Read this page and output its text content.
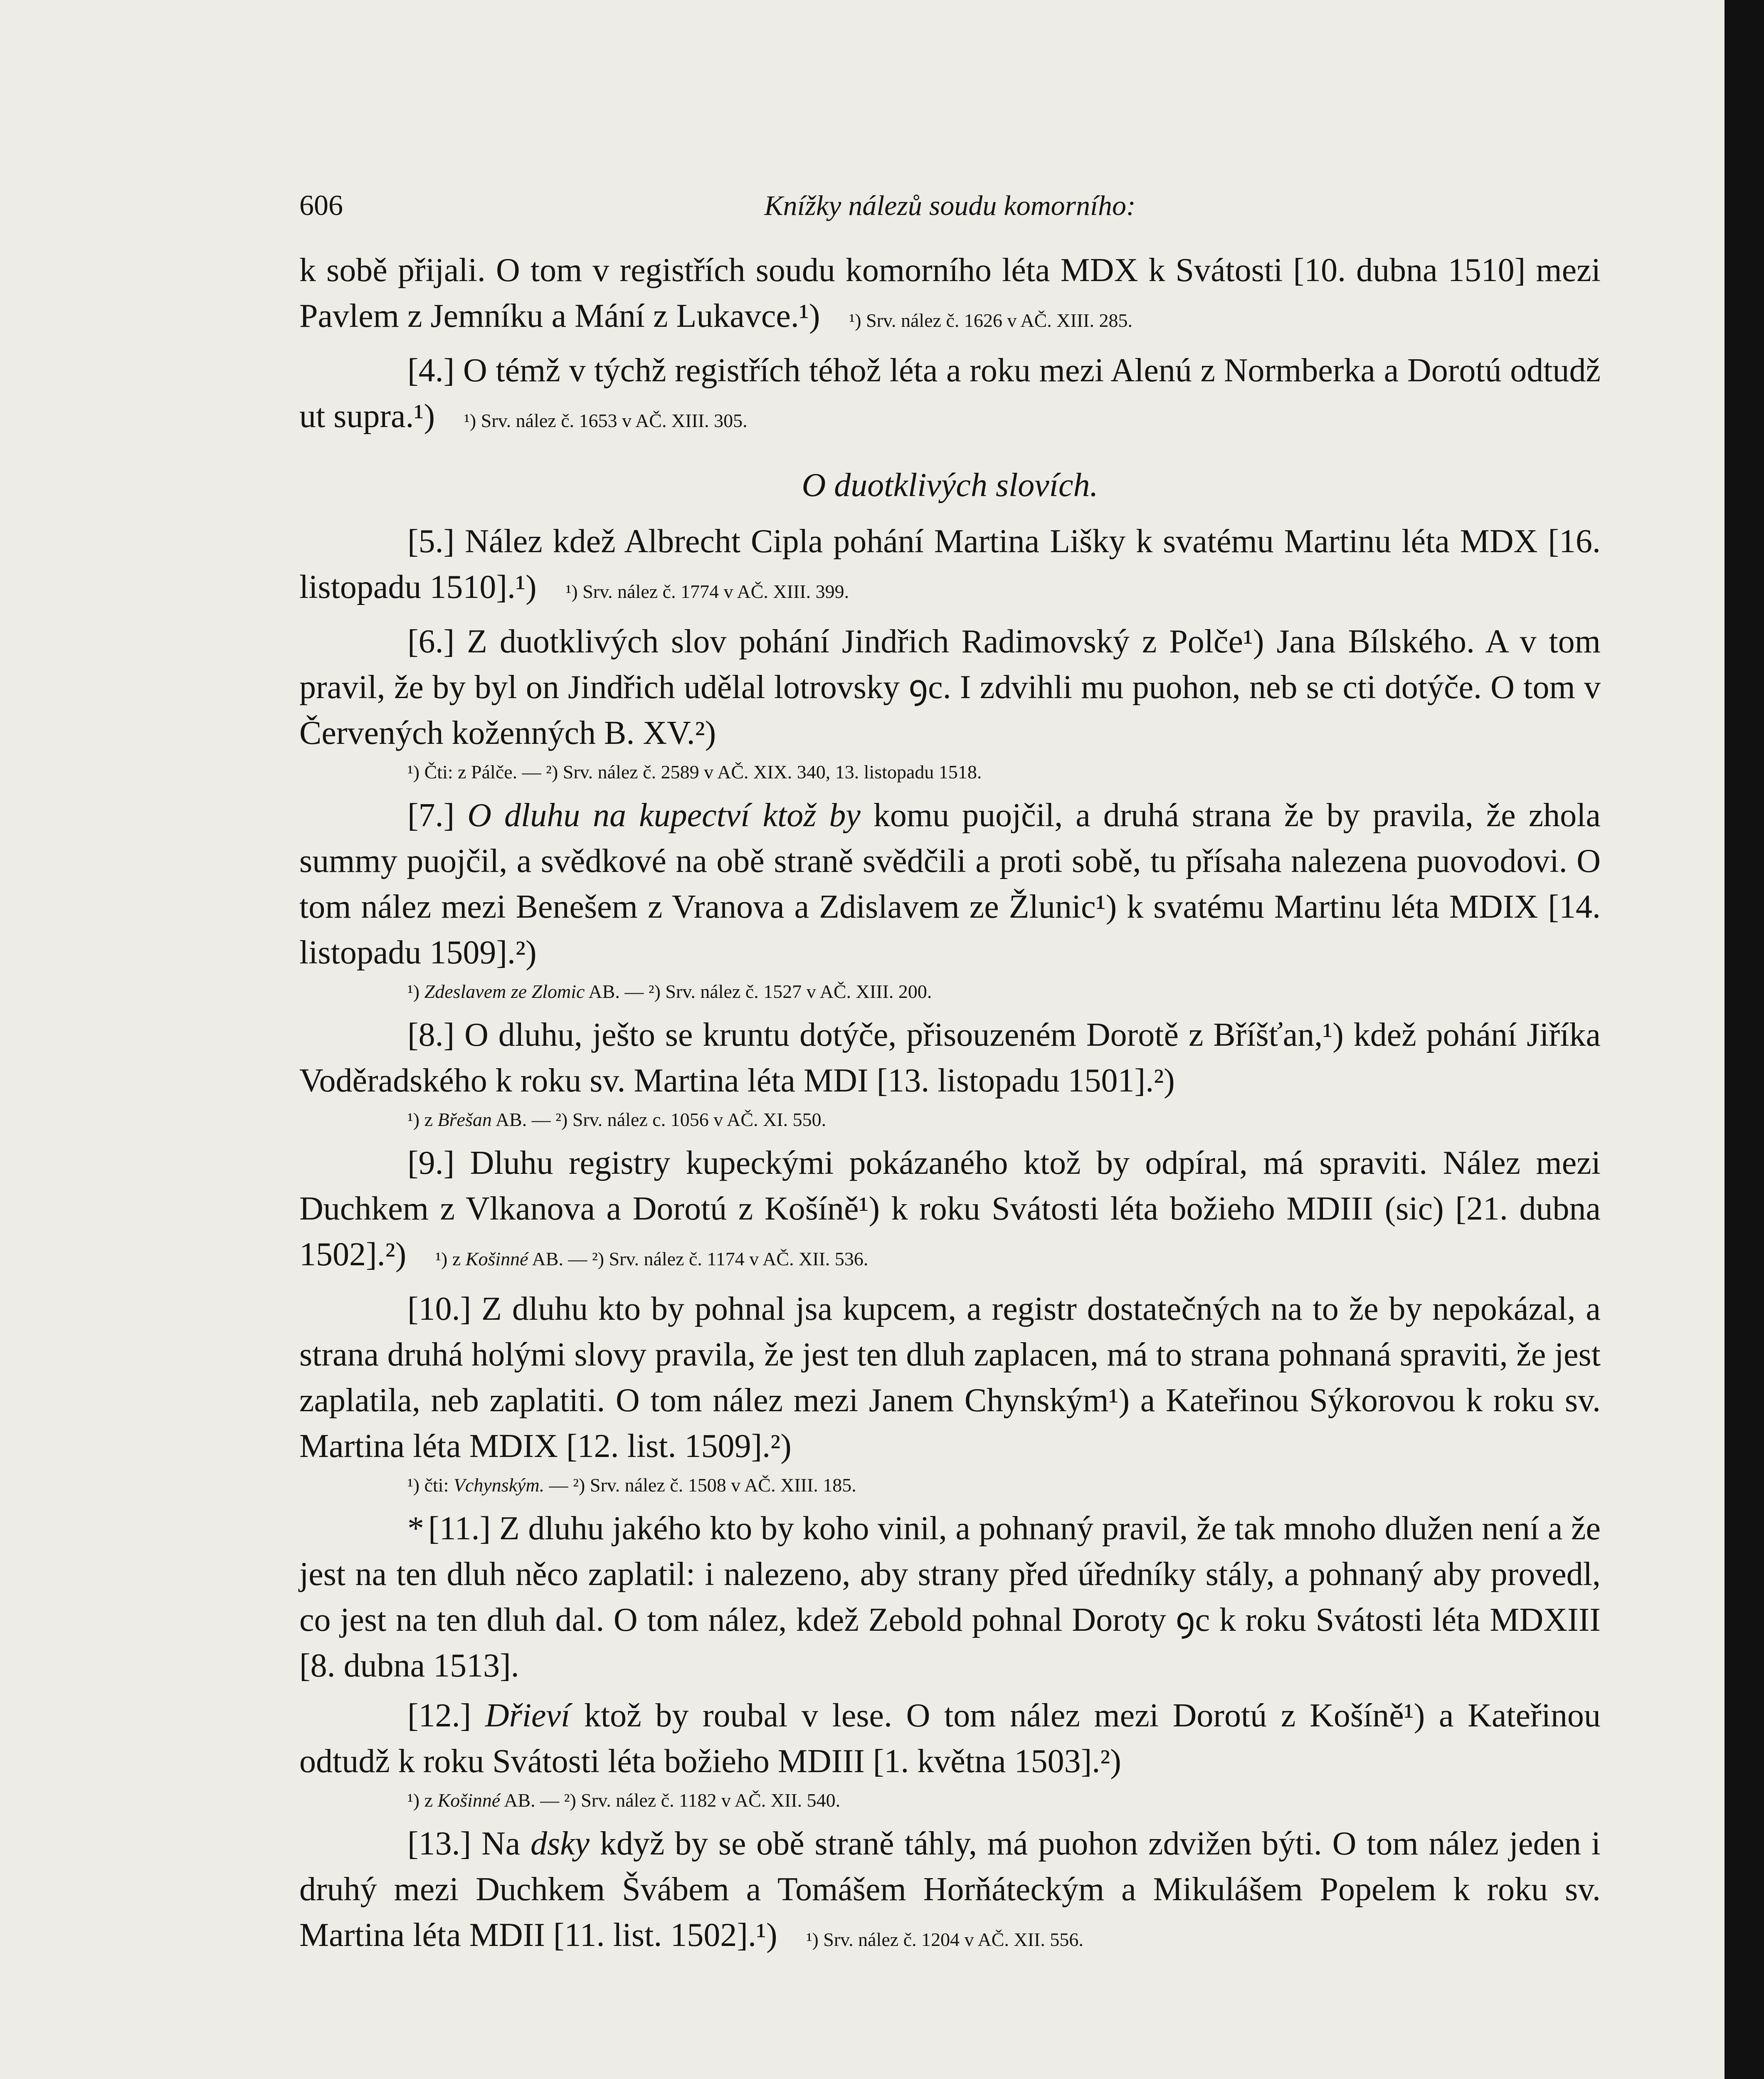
606	Knížky nálezů soudu komorního:

k sobě přijali. O tom v registřích soudu komorního léta MDX k Svátosti [10. dubna 1510] mezi Pavlem z Jemníku a Mání z Lukavce.¹) ¹) Srv. nález č. 1626 v AČ. XIII. 285.

[4.] O témž v týchž registřích téhož léta a roku mezi Alenú z Normberka a Dorotú odtudž ut supra.¹) ¹) Srv. nález č. 1653 v AČ. XIII. 305.

O duotklivých slovích.

[5.] Nález kdež Albrecht Cipla pohání Martina Lišky k svatému Martinu léta MDX [16. listopadu 1510].¹) ¹) Srv. nález č. 1774 v AČ. XIII. 399.

[6.] Z duotklivých slov pohání Jindřich Radimovský z Polče¹) Jana Bílského. A v tom pravil, že by byl on Jindřich udělal lotrovsky ꝯc. I zdvihli mu puohon, neb se cti dotýče. O tom v Červených koženných B. XV.²)

¹) Čti: z Pálče. — ²) Srv. nález č. 2589 v AČ. XIX. 340, 13. listopadu 1518.

[7.] O dluhu na kupectví ktož by komu puojčil, a druhá strana že by pravila, že zhola summy puojčil, a svědkové na obě straně svědčili a proti sobě, tu přísaha nalezena puovodovi. O tom nález mezi Benešem z Vranova a Zdislavem ze Žlunic¹) k svatému Martinu léta MDIX [14. listopadu 1509].²)

¹) Zdeslavem ze Zlomic AB. — ²) Srv. nález č. 1527 v AČ. XIII. 200.

[8.] O dluhu, ješto se kruntu dotýče, přisouzeném Dorotě z Bříšťan,¹) kdež pohání Jiříka Voděradského k roku sv. Martina léta MDI [13. listopadu 1501].²)

¹) z Břešan AB. — ²) Srv. nález c. 1056 v AČ. XI. 550.

[9.] Dluhu registry kupeckými pokázaného ktož by odpíral, má spraviti. Nález mezi Duchkem z Vlkanova a Dorotú z Košíně¹) k roku Svátosti léta božieho MDIII (sic) [21. dubna 1502].²) ¹) z Košinné AB. — ²) Srv. nález č. 1174 v AČ. XII. 536.

[10.] Z dluhu kto by pohnal jsa kupcem, a registr dostatečných na to že by nepokázal, a strana druhá holými slovy pravila, že jest ten dluh zaplacen, má to strana pohnaná spraviti, že jest zaplatila, neb zaplatiti. O tom nález mezi Janem Chynským¹) a Kateřinou Sýkorovou k roku sv. Martina léta MDIX [12. list. 1509].²)

¹) čti: Vchynským. — ²) Srv. nález č. 1508 v AČ. XIII. 185.

* [11.] Z dluhu jakého kto by koho vinil, a pohnaný pravil, že tak mnoho dlužen není a že jest na ten dluh něco zaplatil: i nalezeno, aby strany před úředníky stály, a pohnaný aby provedl, co jest na ten dluh dal. O tom nález, kdež Zebold pohnal Doroty ꝯc k roku Svátosti léta MDXIII [8. dubna 1513].

[12.] Dřieví ktož by roubal v lese. O tom nález mezi Dorotú z Košíně¹) a Kateřinou odtudž k roku Svátosti léta božieho MDIII [1. května 1503].²)

¹) z Košinné AB. — ²) Srv. nález č. 1182 v AČ. XII. 540.

[13.] Na dsky když by se obě straně táhly, má puohon zdvižen býti. O tom nález jeden i druhý mezi Duchkem Švábem a Tomášem Horňáteckým a Mikulášem Popelem k roku sv. Martina léta MDII [11. list. 1502].¹) ¹) Srv. nález č. 1204 v AČ. XII. 556.
